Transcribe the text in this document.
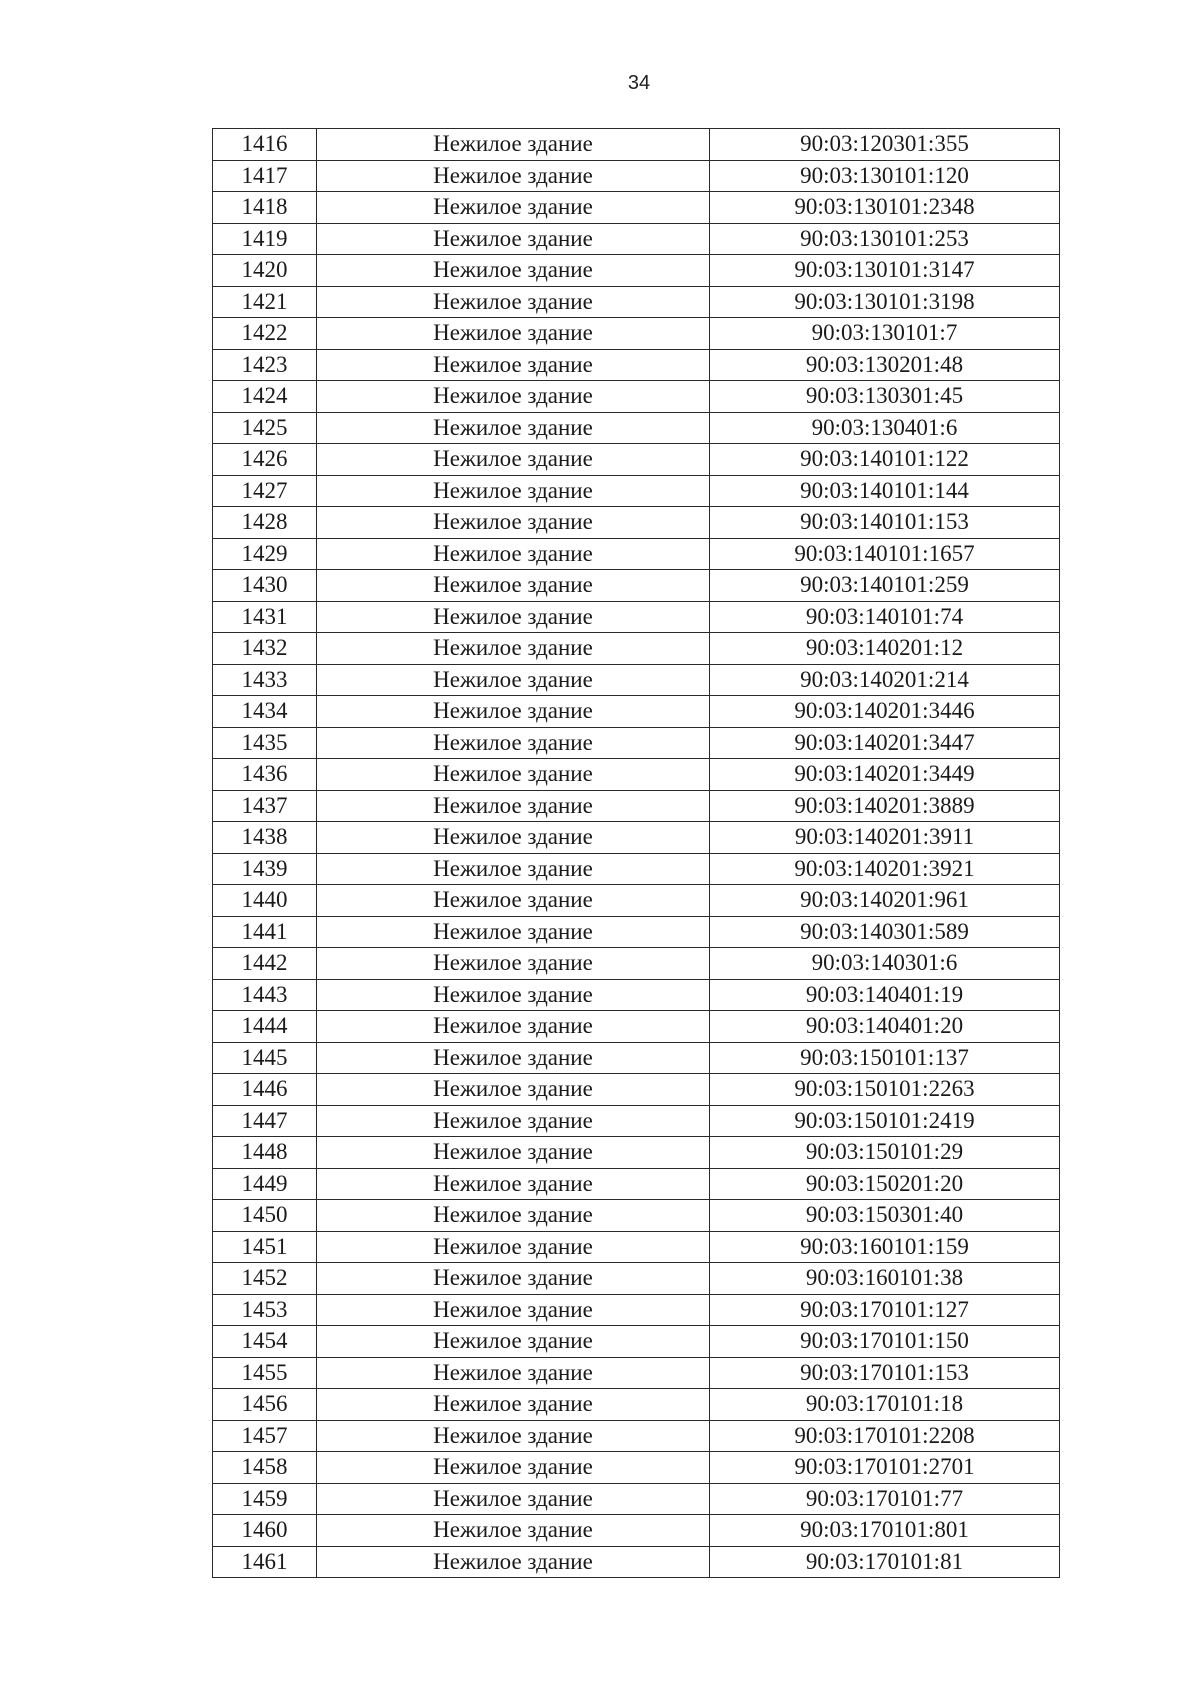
34
1416	Нежилое здание	90:03:120301:355
1417	Нежилое здание	90:03:130101:120
1418	Нежилое здание	90:03:130101:2348
1419	Нежилое здание	90:03:130101:253
1420	Нежилое здание	90:03:130101:3147
1421	Нежилое здание	90:03:130101:3198
1422	Нежилое здание	90:03:130101:7
1423	Нежилое здание	90:03:130201:48
1424	Нежилое здание	90:03:130301:45
1425	Нежилое здание	90:03:130401:6
1426	Нежилое здание	90:03:140101:122
1427	Нежилое здание	90:03:140101:144
1428	Нежилое здание	90:03:140101:153
1429	Нежилое здание	90:03:140101:1657
1430	Нежилое здание	90:03:140101:259
1431	Нежилое здание	90:03:140101:74
1432	Нежилое здание	90:03:140201:12
1433	Нежилое здание	90:03:140201:214
1434	Нежилое здание	90:03:140201:3446
1435	Нежилое здание	90:03:140201:3447
1436	Нежилое здание	90:03:140201:3449
1437	Нежилое здание	90:03:140201:3889
1438	Нежилое здание	90:03:140201:3911
1439	Нежилое здание	90:03:140201:3921
1440	Нежилое здание	90:03:140201:961
1441	Нежилое здание	90:03:140301:589
1442	Нежилое здание	90:03:140301:6
1443	Нежилое здание	90:03:140401:19
1444	Нежилое здание	90:03:140401:20
1445	Нежилое здание	90:03:150101:137
1446	Нежилое здание	90:03:150101:2263
1447	Нежилое здание	90:03:150101:2419
1448	Нежилое здание	90:03:150101:29
1449	Нежилое здание	90:03:150201:20
1450	Нежилое здание	90:03:150301:40
1451	Нежилое здание	90:03:160101:159
1452	Нежилое здание	90:03:160101:38
1453	Нежилое здание	90:03:170101:127
1454	Нежилое здание	90:03:170101:150
1455	Нежилое здание	90:03:170101:153
1456	Нежилое здание	90:03:170101:18
1457	Нежилое здание	90:03:170101:2208
1458	Нежилое здание	90:03:170101:2701
1459	Нежилое здание	90:03:170101:77
1460	Нежилое здание	90:03:170101:801
1461	Нежилое здание	90:03:170101:81
